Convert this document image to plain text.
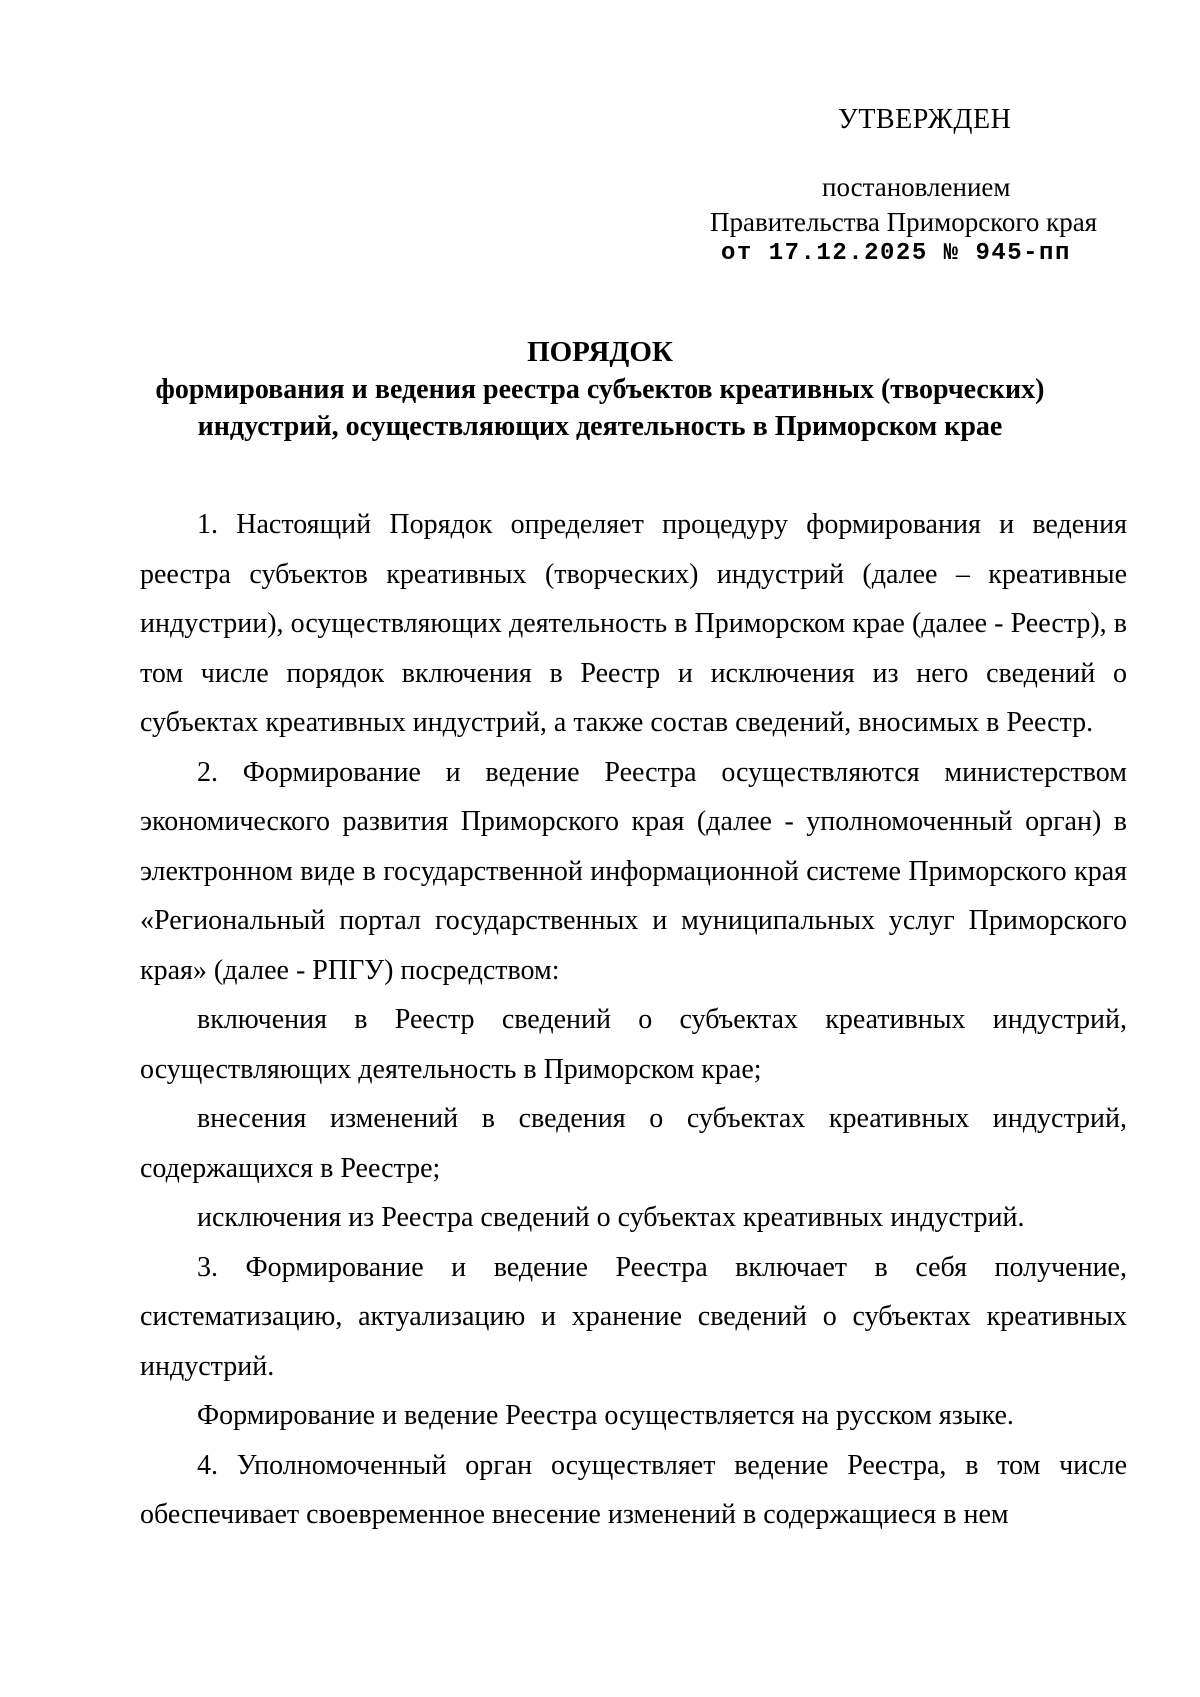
УТВЕРЖДЕН
постановлением
Правительства Приморского края
от 17.12.2025 № 945-пп
ПОРЯДОК
формирования и ведения реестра субъектов креативных (творческих)
индустрий, осуществляющих деятельность в Приморском крае

1. Настоящий Порядок определяет процедуру формирования и ведения реестра субъектов креативных (творческих) индустрий (далее – креативные индустрии), осуществляющих деятельность в Приморском крае (далее - Реестр), в том числе порядок включения в Реестр и исключения из него сведений о субъектах креативных индустрий, а также состав сведений, вносимых в Реестр.

2. Формирование и ведение Реестра осуществляются министерством экономического развития Приморского края (далее - уполномоченный орган) в электронном виде в государственной информационной системе Приморского края «Региональный портал государственных и муниципальных услуг Приморского края» (далее - РПГУ) посредством:

включения в Реестр сведений о субъектах креативных индустрий, осуществляющих деятельность в Приморском крае;

внесения изменений в сведения о субъектах креативных индустрий, содержащихся в Реестре;

исключения из Реестра сведений о субъектах креативных индустрий.

3. Формирование и ведение Реестра включает в себя получение, систематизацию, актуализацию и хранение сведений о субъектах креативных индустрий.

Формирование и ведение Реестра осуществляется на русском языке.

4. Уполномоченный орган осуществляет ведение Реестра, в том числе обеспечивает своевременное внесение изменений в содержащиеся в нем
